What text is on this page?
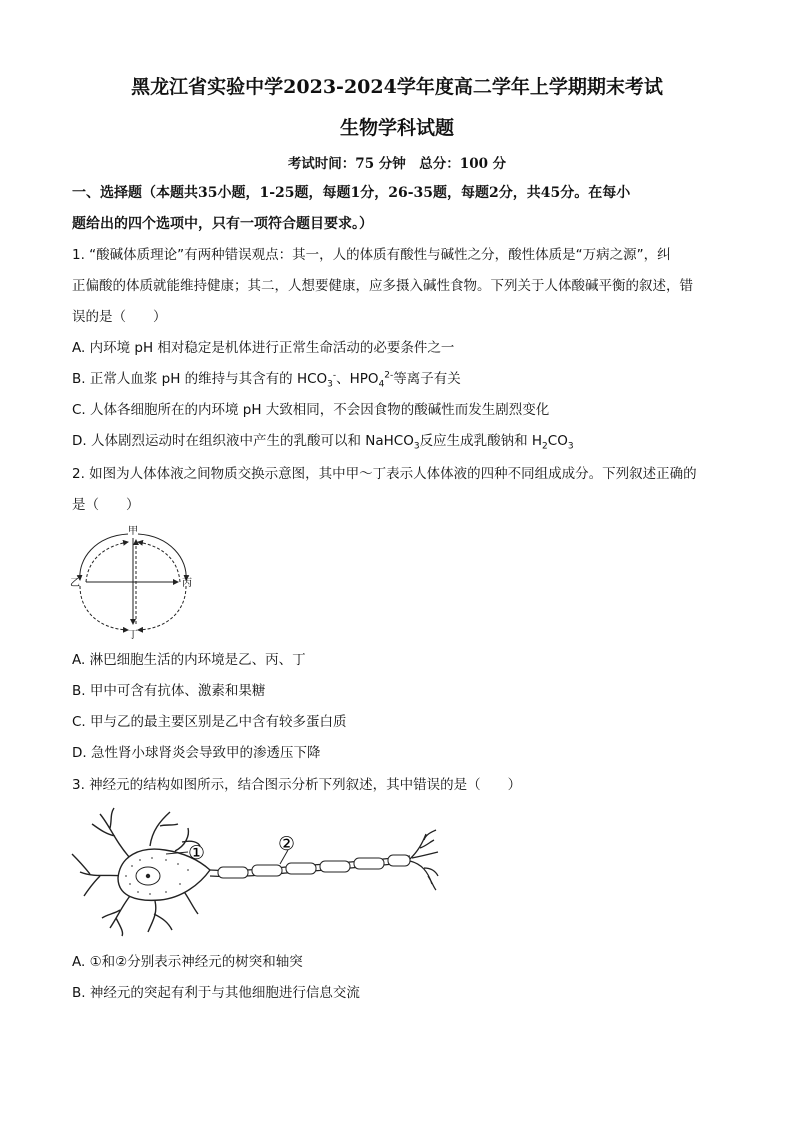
黑龙江省实验中学2023-2024学年度高二学年上学期期末考试
生物学科试题
考试时间：75 分钟　总分：100 分
一、选择题（本题共35小题，1-25题，每题1分，26-35题，每题2分，共45分。在每小
题给出的四个选项中，只有一项符合题目要求。）
1. “酸碱体质理论”有两种错误观点：其一，人的体质有酸性与碱性之分，酸性体质是“万病之源”，纠
正偏酸的体质就能维持健康；其二，人想要健康，应多摄入碱性食物。下列关于人体酸碱平衡的叙述，错
误的是（　　）
A. 内环境 pH 相对稳定是机体进行正常生命活动的必要条件之一
B. 正常人血浆 pH 的维持与其含有的 $HCO_3^-$、$HPO_4^{2-}$等离子有关
C. 人体各细胞所在的内环境 pH 大致相同，不会因食物的酸碱性而发生剧烈变化
D. 人体剧烈运动时在组织液中产生的乳酸可以和 NaHCO$_3$反应生成乳酸钠和 $H_2CO_3$
2. 如图为人体体液之间物质交换示意图，其中甲～丁表示人体体液的四种不同组成成分。下列叙述正确的
是（　　）
甲
乙	丙
丁
A. 淋巴细胞生活的内环境是乙、丙、丁
B. 甲中可含有抗体、激素和果糖
C. 甲与乙的最主要区别是乙中含有较多蛋白质
D. 急性肾小球肾炎会导致甲的渗透压下降
3. 神经元的结构如图所示，结合图示分析下列叙述，其中错误的是（　　）
①	②
A. ①和②分别表示神经元的树突和轴突
B. 神经元的突起有利于与其他细胞进行信息交流
